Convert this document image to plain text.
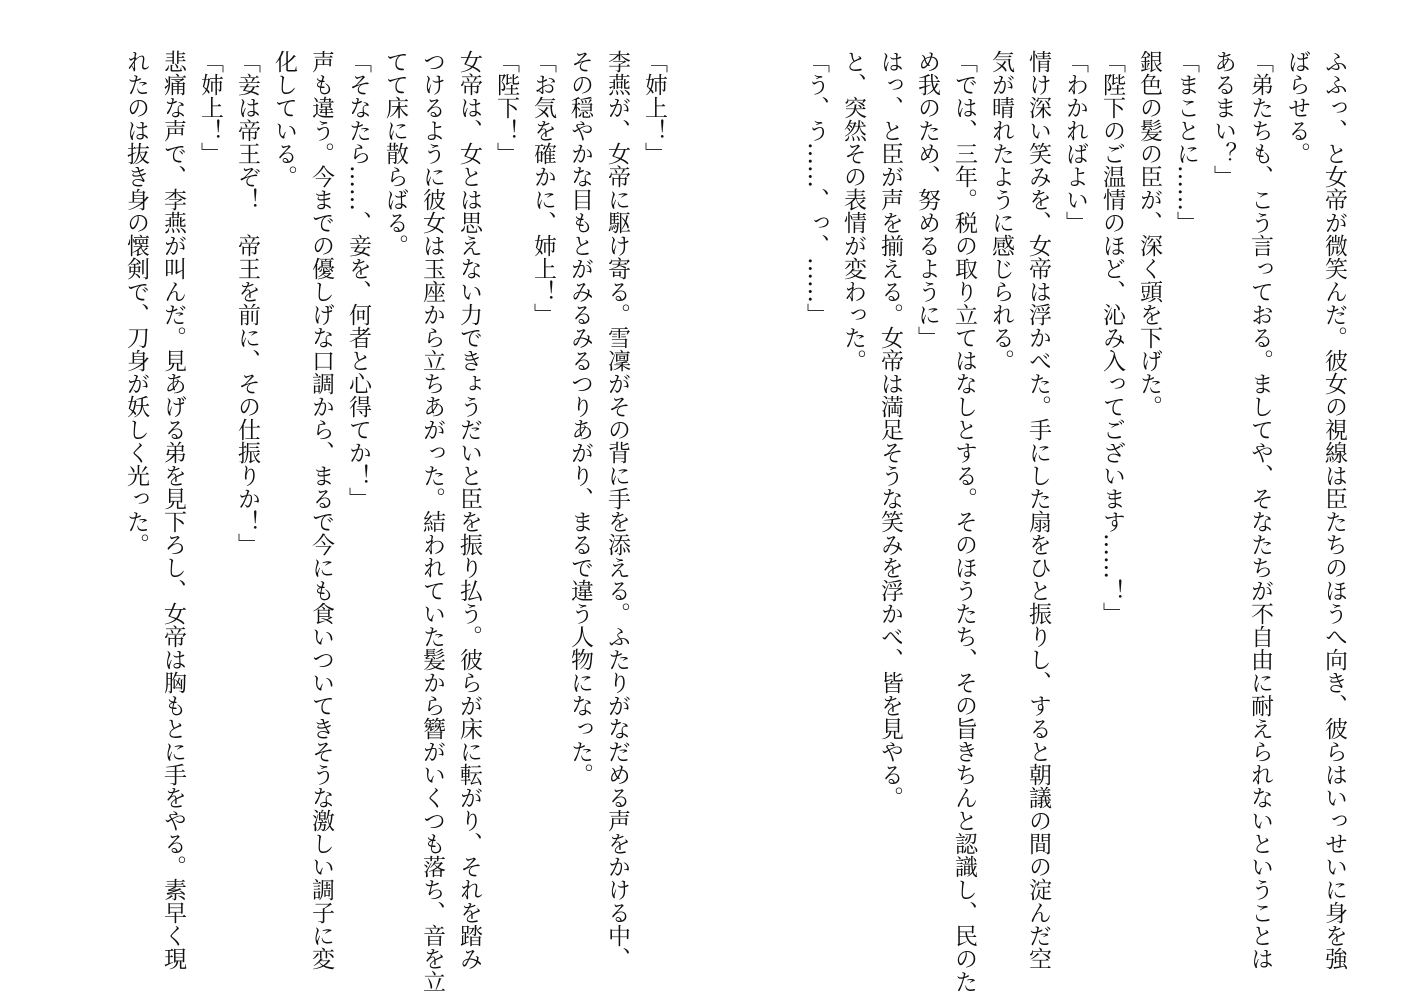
ふふっ、と女帝が微笑んだ。彼女の視線は臣たちのほうへ向き、彼らはいっせいに身を強
ばらせる。
「弟たちも、こう言っておる。ましてや、そなたちが不自由に耐えられないということは
あるまい？」
「まことに……」
銀色の髪の臣が、深く頭を下げた。
「陛下のご温情のほど、沁み入ってございます……！」
「わかればよい」
情け深い笑みを、女帝は浮かべた。手にした扇をひと振りし、すると朝議の間の淀んだ空
気が晴れたように感じられる。
「では、三年。税の取り立てはなしとする。そのほうたち、その旨きちんと認識し、民のた
め我のため、努めるように」
はっ、と臣が声を揃える。女帝は満足そうな笑みを浮かべ、皆を見やる。
と、突然その表情が変わった。
「う、う……、っ、……」
「姉上！」
李燕が、女帝に駆け寄る。雪凜がその背に手を添える。ふたりがなだめる声をかける中、
その穏やかな目もとがみるみるつりあがり、まるで違う人物になった。
「お気を確かに、姉上！」
「陛下！」
女帝は、女とは思えない力できょうだいと臣を振り払う。彼らが床に転がり、それを踏み
つけるように彼女は玉座から立ちあがった。結われていた髪から簪がいくつも落ち、音を立
てて床に散らばる。
「そなたら……、妾を、何者と心得てか！」
声も違う。今までの優しげな口調から、まるで今にも食いついてきそうな激しい調子に変
化している。
「妾は帝王ぞ！　帝王を前に、その仕振りか！」
「姉上！」
悲痛な声で、李燕が叫んだ。見あげる弟を見下ろし、女帝は胸もとに手をやる。素早く現
れたのは抜き身の懐剣で、刀身が妖しく光った。
